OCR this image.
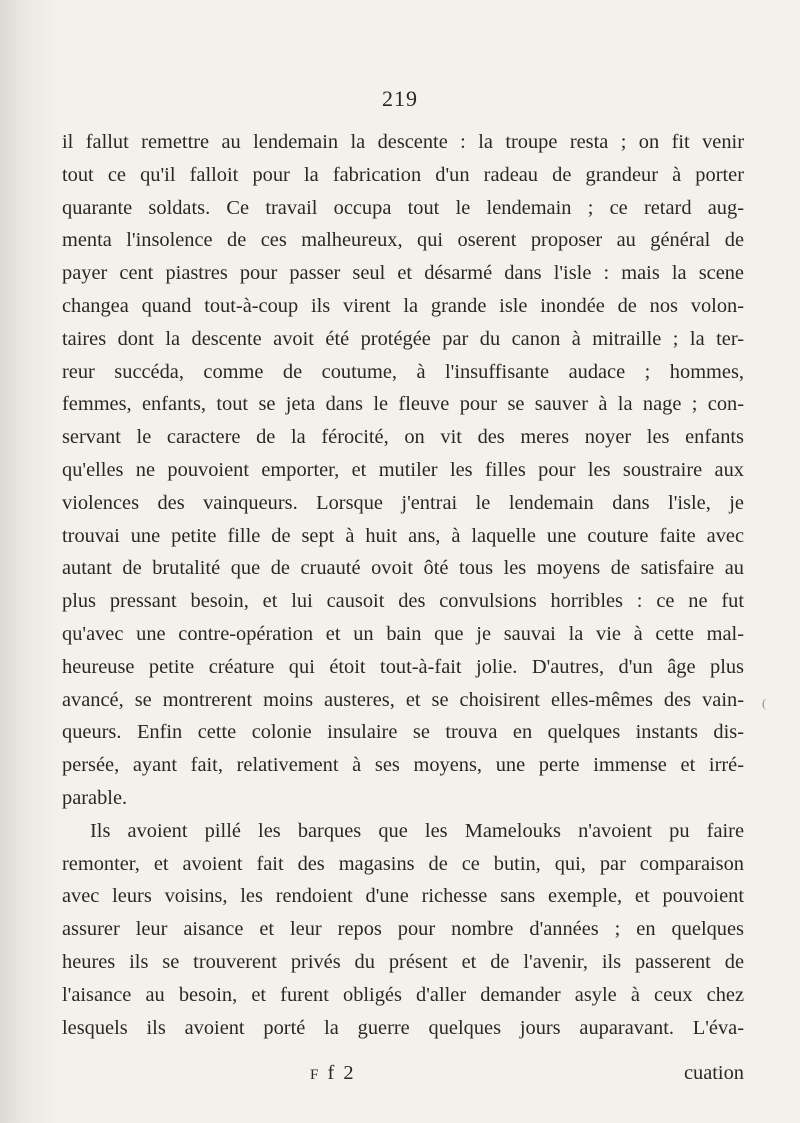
219
il fallut remettre au lendemain la descente : la troupe resta ; on fit venir
tout ce qu'il falloit pour la fabrication d'un radeau de grandeur à porter
quarante soldats. Ce travail occupa tout le lendemain ; ce retard aug-
menta l'insolence de ces malheureux, qui oserent proposer au général de
payer cent piastres pour passer seul et désarmé dans l'isle : mais la scene
changea quand tout-à-coup ils virent la grande isle inondée de nos volon-
taires dont la descente avoit été protégée par du canon à mitraille ; la ter-
reur succéda, comme de coutume, à l'insuffisante audace ; hommes,
femmes, enfants, tout se jeta dans le fleuve pour se sauver à la nage ; con-
servant le caractere de la férocité, on vit des meres noyer les enfants
qu'elles ne pouvoient emporter, et mutiler les filles pour les soustraire aux
violences des vainqueurs. Lorsque j'entrai le lendemain dans l'isle, je
trouvai une petite fille de sept à huit ans, à laquelle une couture faite avec
autant de brutalité que de cruauté ovoit ôté tous les moyens de satisfaire au
plus pressant besoin, et lui causoit des convulsions horribles : ce ne fut
qu'avec une contre-opération et un bain que je sauvai la vie à cette mal-
heureuse petite créature qui étoit tout-à-fait jolie. D'autres, d'un âge plus
avancé, se montrerent moins austeres, et se choisirent elles-mêmes des vain-
queurs. Enfin cette colonie insulaire se trouva en quelques instants dis-
persée, ayant fait, relativement à ses moyens, une perte immense et irré-
parable.
Ils avoient pillé les barques que les Mamelouks n'avoient pu faire
remonter, et avoient fait des magasins de ce butin, qui, par comparaison
avec leurs voisins, les rendoient d'une richesse sans exemple, et pouvoient
assurer leur aisance et leur repos pour nombre d'années ; en quelques
heures ils se trouverent privés du présent et de l'avenir, ils passerent de
l'aisance au besoin, et furent obligés d'aller demander asyle à ceux chez
lesquels ils avoient porté la guerre quelques jours auparavant. L'éva-
F f 2	cuation
(
